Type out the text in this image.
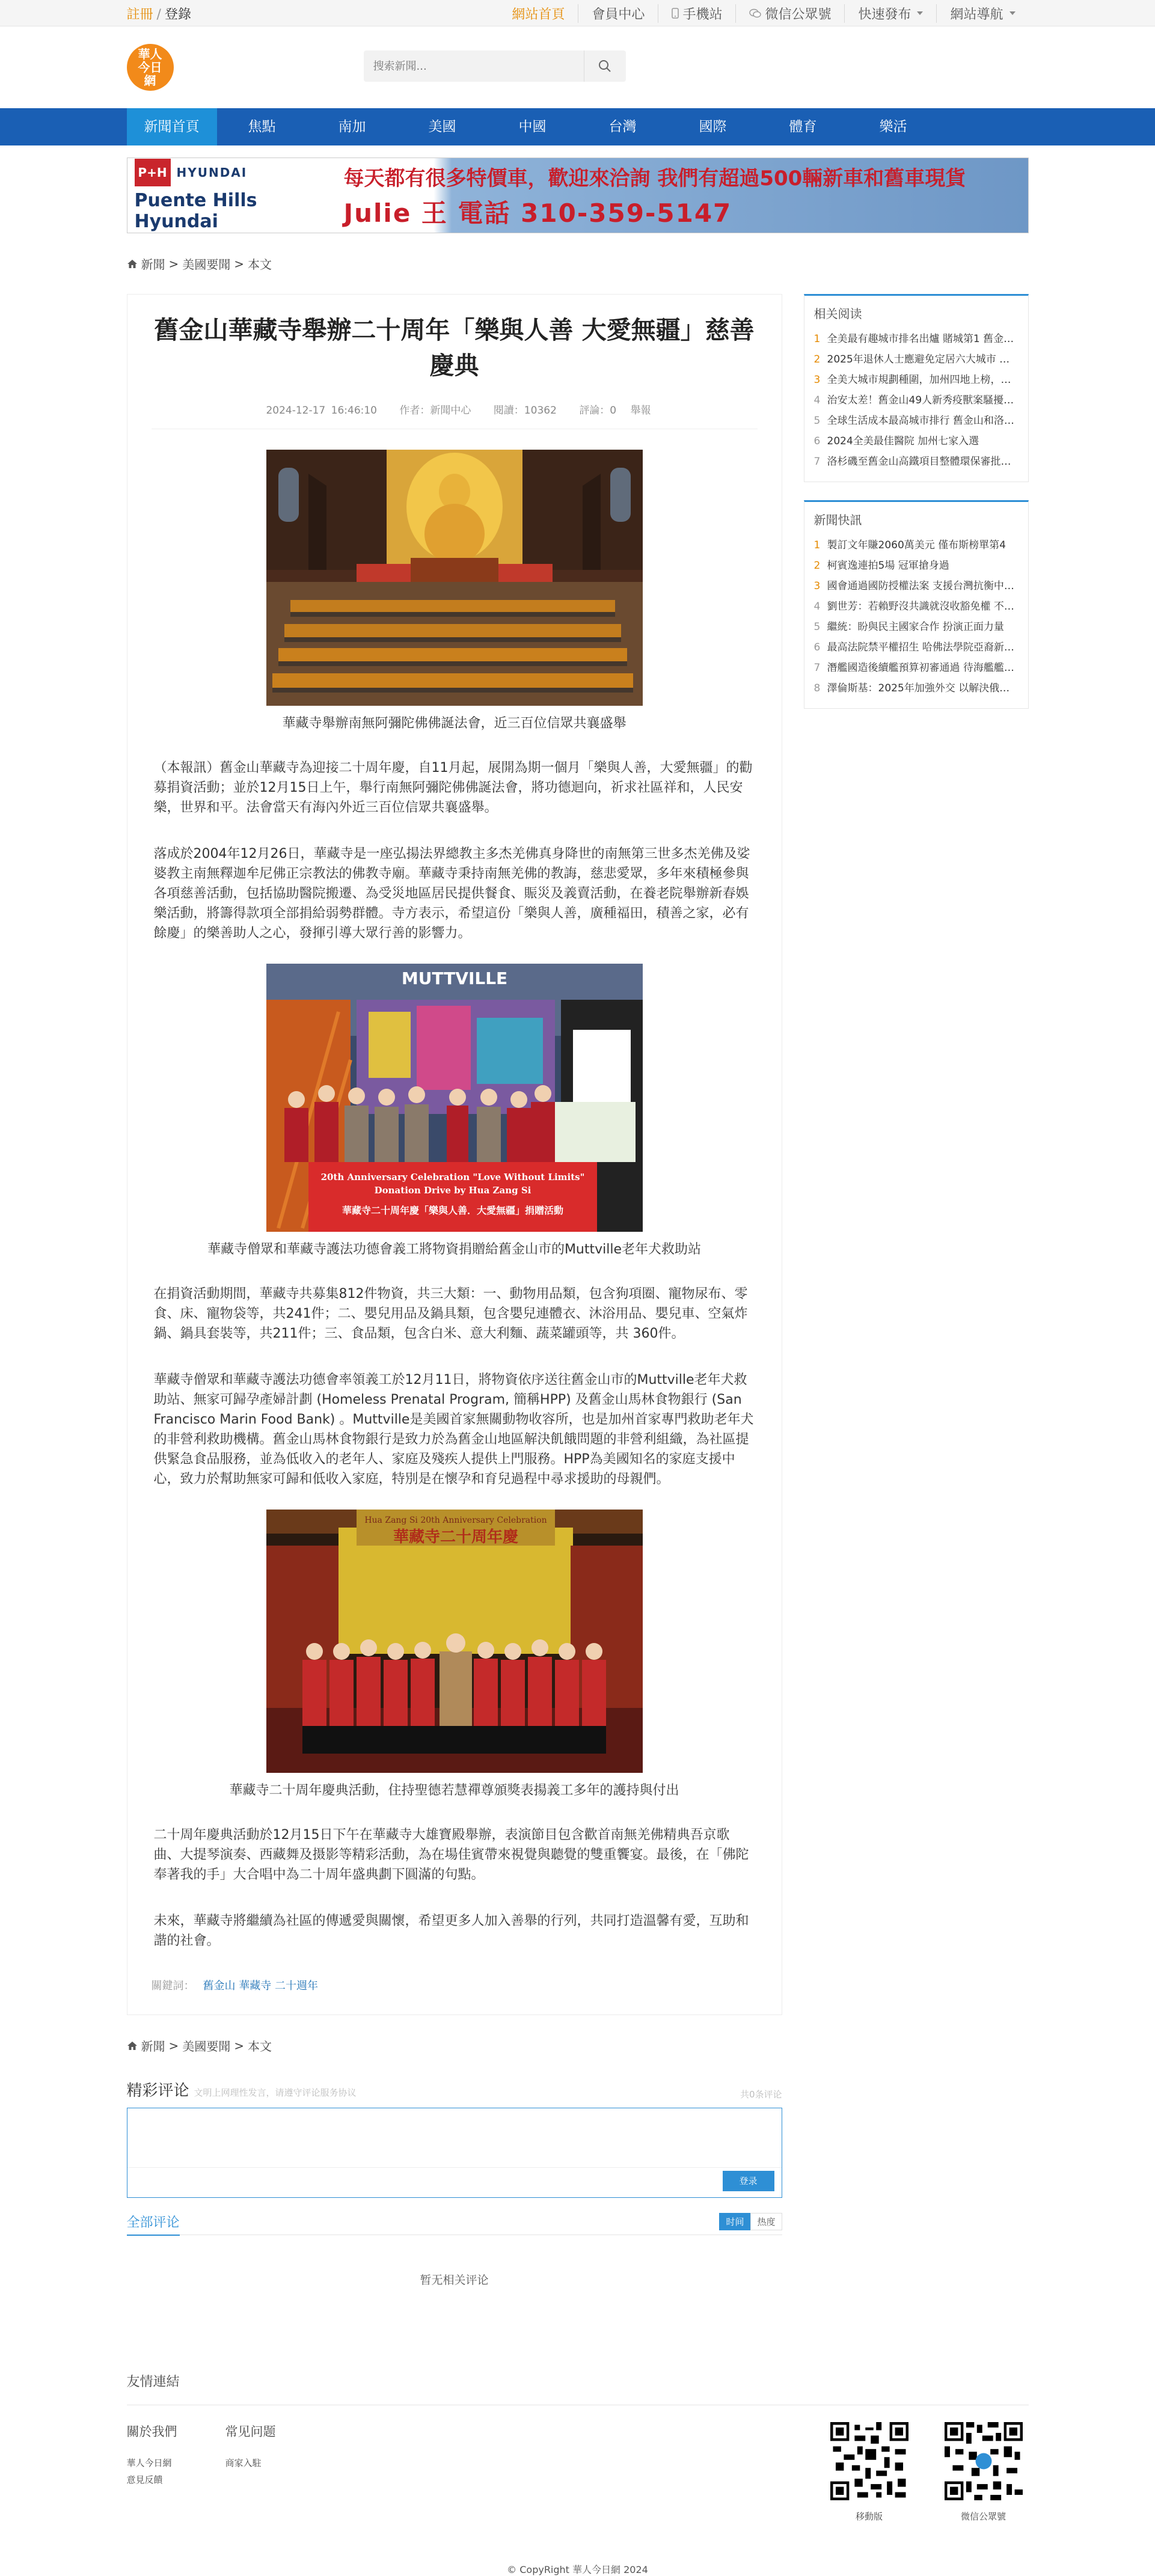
註冊 / 登錄	網站首頁	會員中心	手機站	微信公眾號 快速發布	網站導航
華人今日網
搜索新聞...
新聞首頁	焦點	南加	美國	中國	台灣	國際	體育	樂活
P+H HYUNDAI
Puente Hills Hyundai
每天都有很多特價車，歡迎來洽詢 我們有超過500輛新車和舊車現貨
Julie 王 電話 310-359-5147
新聞 > 美國要聞 > 本文
舊金山華藏寺舉辦二十周年「樂與人善 大愛無疆」慈善慶典
2024-12-17 16:46:10 作者：新聞中心 閱讀：10362 評論：0 舉報
華藏寺舉辦南無阿彌陀佛佛誕法會，近三百位信眾共襄盛舉

（本報訊）舊金山華藏寺為迎接二十周年慶，自11月起，展開為期一個月「樂與人善，大愛無疆」的勸募捐資活動；並於12月15日上午，舉行南無阿彌陀佛佛誕法會，將功德迴向，祈求社區祥和，人民安樂，世界和平。法會當天有海內外近三百位信眾共襄盛舉。

落成於2004年12月26日，華藏寺是一座弘揚法界總教主多杰羌佛真身降世的南無第三世多杰羌佛及娑婆教主南無釋迦牟尼佛正宗教法的佛教寺廟。華藏寺秉持南無羌佛的教誨，慈悲愛眾，多年來積極參與各項慈善活動，包括協助醫院搬遷、為受災地區居民提供餐食、賑災及義賣活動，在養老院舉辦新春娛樂活動，將籌得款項全部捐給弱勢群體。寺方表示，希望這份「樂與人善，廣種福田，積善之家，必有餘慶」的樂善助人之心，發揮引導大眾行善的影響力。

MUTTVILLE
20th Anniversary Celebration "Love Without Limits"
Donation Drive by Hua Zang Si
華藏寺二十周年慶「樂與人善．大愛無疆」捐贈活動
華藏寺僧眾和華藏寺護法功德會義工將物資捐贈給舊金山市的Muttville老年犬救助站

在捐資活動期間，華藏寺共募集812件物資，共三大類：一、動物用品類，包含狗項圈、寵物尿布、零食、床、寵物袋等，共241件；二、嬰兒用品及鍋具類，包含嬰兒連體衣、沐浴用品、嬰兒車、空氣炸鍋、鍋具套裝等，共211件；三、食品類，包含白米、意大利麵、蔬菜罐頭等，共 360件。

華藏寺僧眾和華藏寺護法功德會率領義工於12月11日，將物資依序送往舊金山市的Muttville老年犬救助站、無家可歸孕產婦計劃 (Homeless Prenatal Program, 簡稱HPP) 及舊金山馬林食物銀行 (San Francisco Marin Food Bank) 。Muttville是美國首家無關動物收容所，也是加州首家專門救助老年犬的非營利救助機構。舊金山馬林食物銀行是致力於為舊金山地區解決飢餓問題的非營利組織，為社區提供緊急食品服務，並為低收入的老年人、家庭及殘疾人提供上門服務。HPP為美國知名的家庭支援中心，致力於幫助無家可歸和低收入家庭，特別是在懷孕和育兒過程中尋求援助的母親們。

Hua Zang Si 20th Anniversary Celebration
華藏寺二十周年慶
華藏寺二十周年慶典活動，住持聖德若慧禪尊頒獎表揚義工多年的護持與付出

二十周年慶典活動於12月15日下午在華藏寺大雄寶殿舉辦，表演節目包含歡首南無羌佛精典吾京歌曲、大提琴演奏、西藏舞及摄影等精彩活動，為在場佳賓帶來視覺與聽覺的雙重饗宴。最後，在「佛陀奉著我的手」大合唱中為二十周年盛典劃下圓滿的句點。

未來，華藏寺將繼續為社區的傳遞愛與關懷，希望更多人加入善舉的行列，共同打造溫馨有愛，互助和諧的社會。

關鍵詞： 舊金山 華藏寺 二十週年
相关阅读
1 全美最有趣城市排名出爐 賭城第1 舊金…
2 2025年退休人士應避免定居六大城市 …
3 全美大城市規劃種圍，加州四地上榜，…
4 治安太差！舊金山49人新秀疫獸案騷擾…
5 全球生活成本最高城市排行 舊金山和洛…
6 2024全美最佳醫院 加州七家入選
7 洛杉磯至舊金山高鐵項目整體環保審批…
新聞快訊
1 製訂文年賺2060萬美元 僅布斯榜單第4
2 柯賓逸連拍5場 冠軍搶身過
3 國會通過國防授權法案 支援台灣抗衡中…
4 劉世芳：若賴野沒共識就沒收豁免權 不…
5 繼統：盼與民主國家合作 扮演正面力量
6 最高法院禁平權招生 哈佛法學院亞裔新…
7 潛艦國造後續艦預算初審通過 待海艦艦…
8 澤倫斯基：2025年加強外交 以解決俄…
新聞 > 美國要聞 > 本文
精彩评论 文明上网理性发言，请遵守评论服务协议	共0条评论
登录
全部评论	时间	热度
暂无相关评论
友情連結
關於我們
華人今日網
意見反饋
常见问题
商家入駐

移動版	微信公眾號

© CopyRight 華人今日網 2024
